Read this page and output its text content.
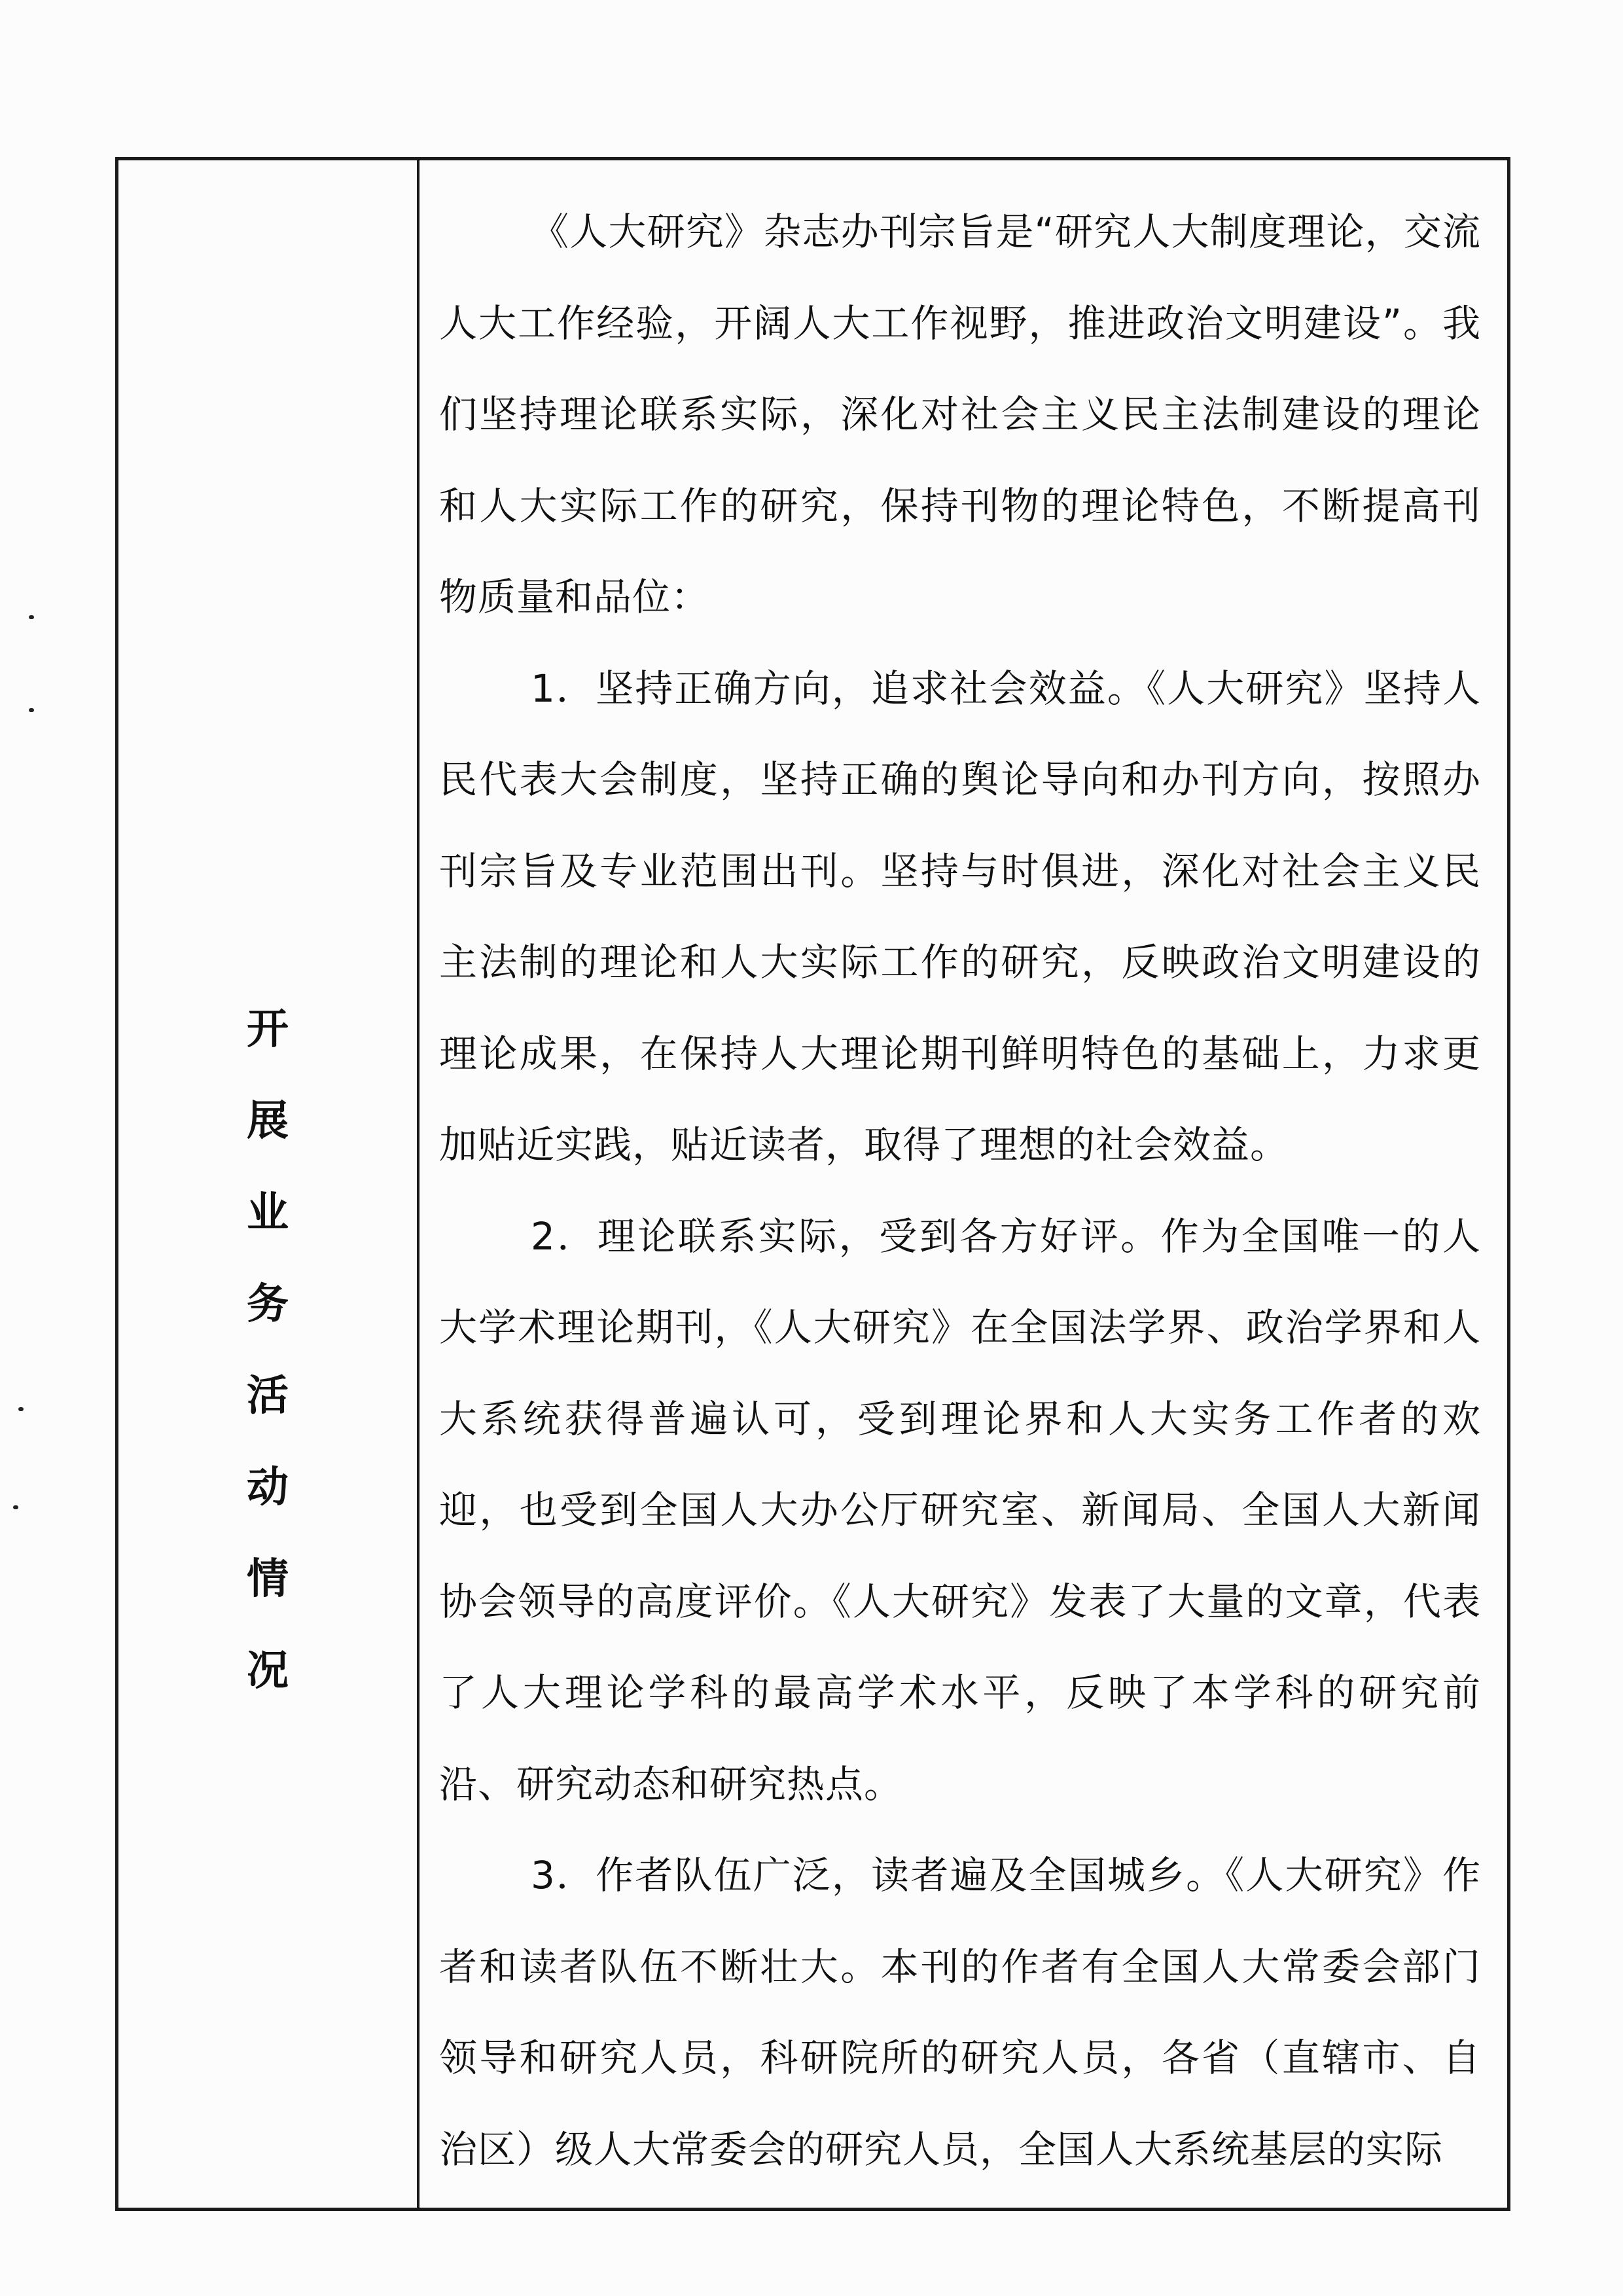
开
展
业
务
活
动
情
况

《人大研究》杂志办刊宗旨是“研究人大制度理论，交流人大工作经验，开阔人大工作视野，推进政治文明建设”。我们坚持理论联系实际，深化对社会主义民主法制建设的理论和人大实际工作的研究，保持刊物的理论特色，不断提高刊物质量和品位：

1．坚持正确方向，追求社会效益。《人大研究》坚持人民代表大会制度，坚持正确的舆论导向和办刊方向，按照办刊宗旨及专业范围出刊。坚持与时俱进，深化对社会主义民主法制的理论和人大实际工作的研究，反映政治文明建设的理论成果，在保持人大理论期刊鲜明特色的基础上，力求更加贴近实践，贴近读者，取得了理想的社会效益。

2．理论联系实际，受到各方好评。作为全国唯一的人大学术理论期刊，《人大研究》在全国法学界、政治学界和人大系统获得普遍认可，受到理论界和人大实务工作者的欢迎，也受到全国人大办公厅研究室、新闻局、全国人大新闻协会领导的高度评价。《人大研究》发表了大量的文章，代表了人大理论学科的最高学术水平，反映了本学科的研究前沿、研究动态和研究热点。

3．作者队伍广泛，读者遍及全国城乡。《人大研究》作者和读者队伍不断壮大。本刊的作者有全国人大常委会部门领导和研究人员，科研院所的研究人员，各省（直辖市、自治区）级人大常委会的研究人员，全国人大系统基层的实际
